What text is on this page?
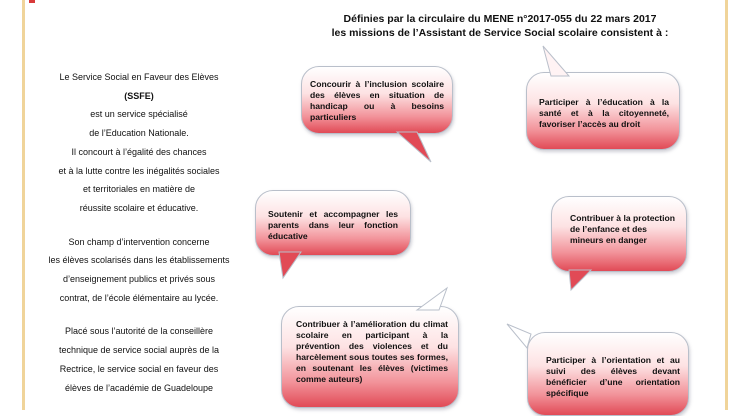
Définies par la circulaire du MENE n°2017-055 du 22 mars 2017
les missions de l’Assistant de Service Social scolaire consistent à :
Le Service Social en Faveur des Elèves
(SSFE)
est un service spécialisé
de l’Education Nationale.
Il concourt à l’égalité des chances
et à la lutte contre les inégalités sociales
et territoriales en matière de
réussite scolaire et éducative.
Son champ d’intervention concerne
les élèves scolarisés dans les établissements
d’enseignement publics et privés sous
contrat, de l’école élémentaire au lycée.
Placé sous l’autorité de la conseillère
technique de service social auprès de la
Rectrice, le service social en faveur des
élèves de l’académie de Guadeloupe
Concourir à l’inclusion scolaire des élèves en situation de handicap ou à besoins particuliers
Participer à l’éducation à la santé et à la citoyenneté, favoriser l’accès au droit
Soutenir et accompagner les parents dans leur fonction éducative
Contribuer à la protection de l’enfance et des mineurs en danger
Contribuer à l’amélioration du climat scolaire en participant à la prévention des violences et du harcèlement sous toutes ses formes, en soutenant les élèves (victimes comme auteurs)
Participer à l’orientation et au suivi des élèves devant bénéficier d’une orientation spécifique
